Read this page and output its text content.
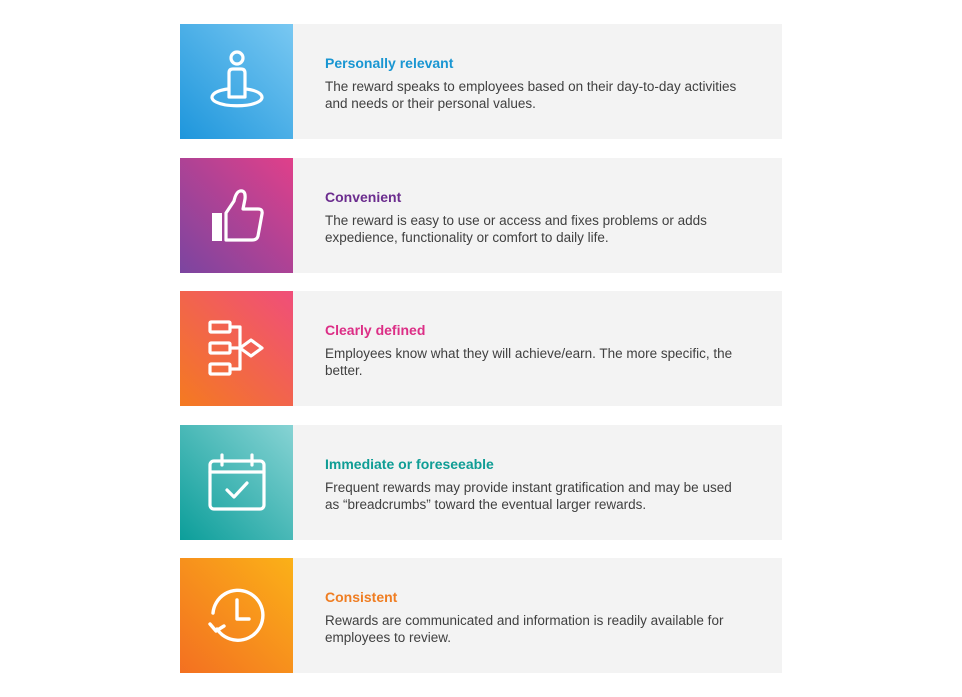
Personally relevant
The reward speaks to employees based on their day-to-day activities and needs or their personal values.
Convenient
The reward is easy to use or access and fixes problems or adds expedience, functionality or comfort to daily life.
Clearly defined
Employees know what they will achieve/earn. The more specific, the better.
Immediate or foreseeable
Frequent rewards may provide instant gratification and may be used as “breadcrumbs” toward the eventual larger rewards.
Consistent
Rewards are communicated and information is readily available for employees to review.
